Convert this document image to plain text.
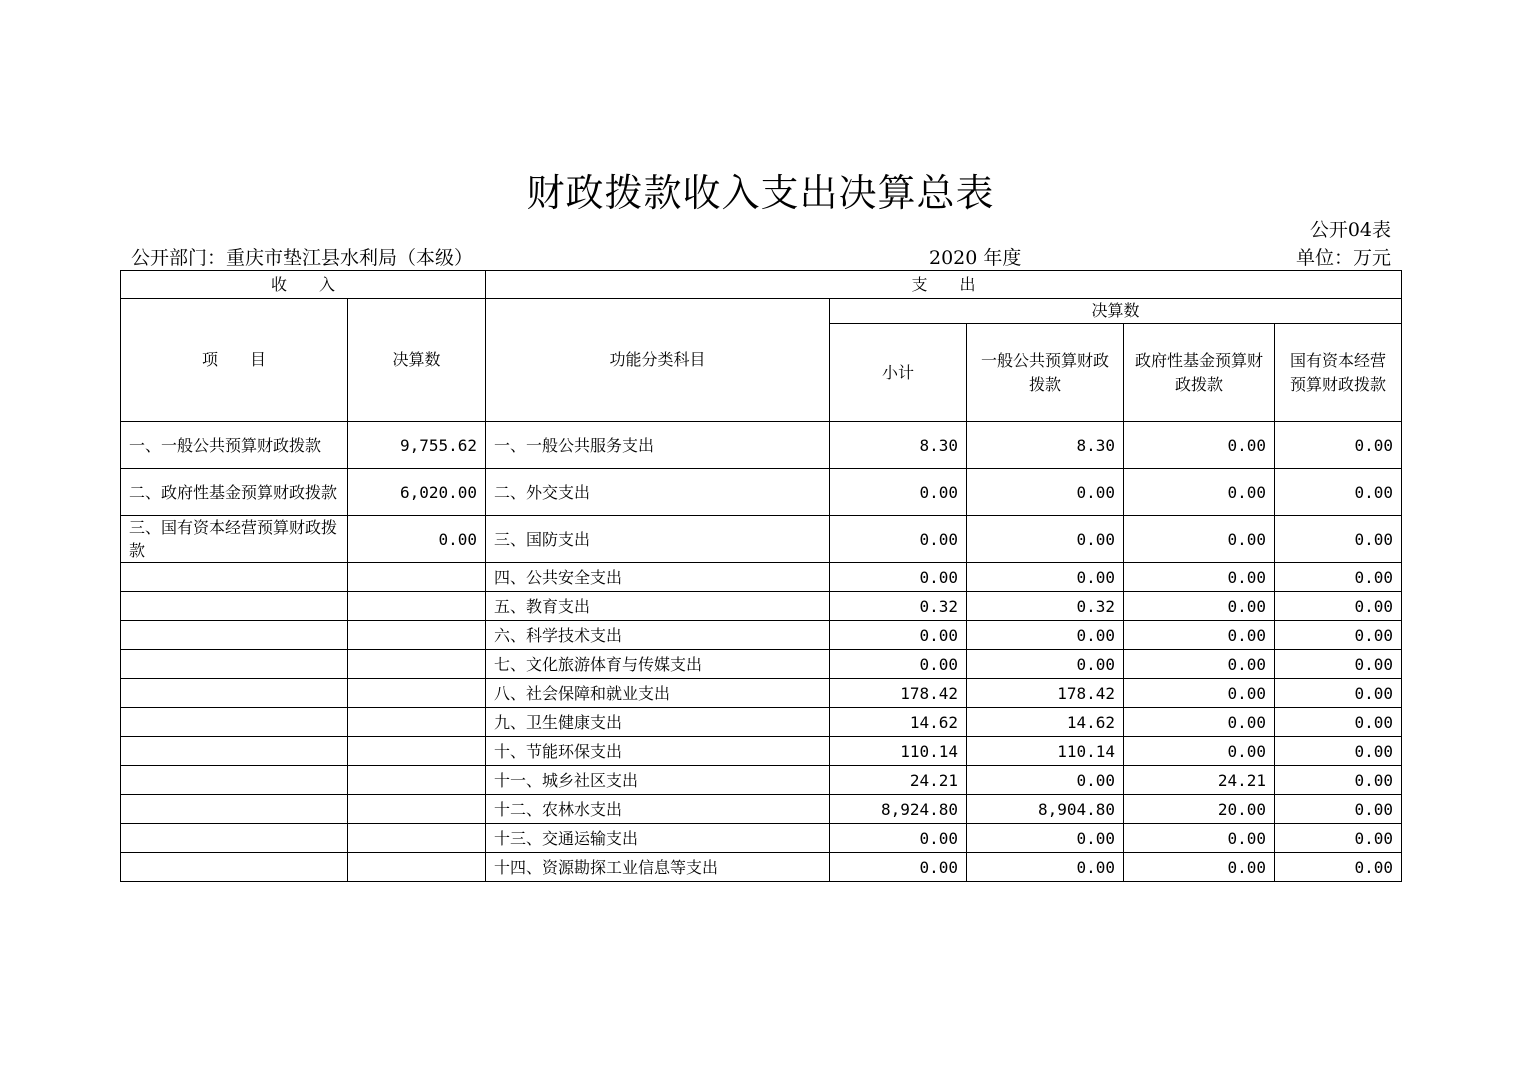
财政拨款收入支出决算总表
公开04表
公开部门：重庆市垫江县水利局（本级）	2020 年度	单位：万元
收　　入		支　　出				
项　　目	决算数	功能分类科目	决算数			
			小计	一般公共预算财政拨款	政府性基金预算财政拨款	国有资本经营预算财政拨款
一、一般公共预算财政拨款	9,755.62	一、一般公共服务支出	8.30	8.30	0.00	0.00
二、政府性基金预算财政拨款	6,020.00	二、外交支出	0.00	0.00	0.00	0.00
三、国有资本经营预算财政拨款	0.00	三、国防支出	0.00	0.00	0.00	0.00
		四、公共安全支出	0.00	0.00	0.00	0.00
		五、教育支出	0.32	0.32	0.00	0.00
		六、科学技术支出	0.00	0.00	0.00	0.00
		七、文化旅游体育与传媒支出	0.00	0.00	0.00	0.00
		八、社会保障和就业支出	178.42	178.42	0.00	0.00
		九、卫生健康支出	14.62	14.62	0.00	0.00
		十、节能环保支出	110.14	110.14	0.00	0.00
		十一、城乡社区支出	24.21	0.00	24.21	0.00
		十二、农林水支出	8,924.80	8,904.80	20.00	0.00
		十三、交通运输支出	0.00	0.00	0.00	0.00
		十四、资源勘探工业信息等支出	0.00	0.00	0.00	0.00
